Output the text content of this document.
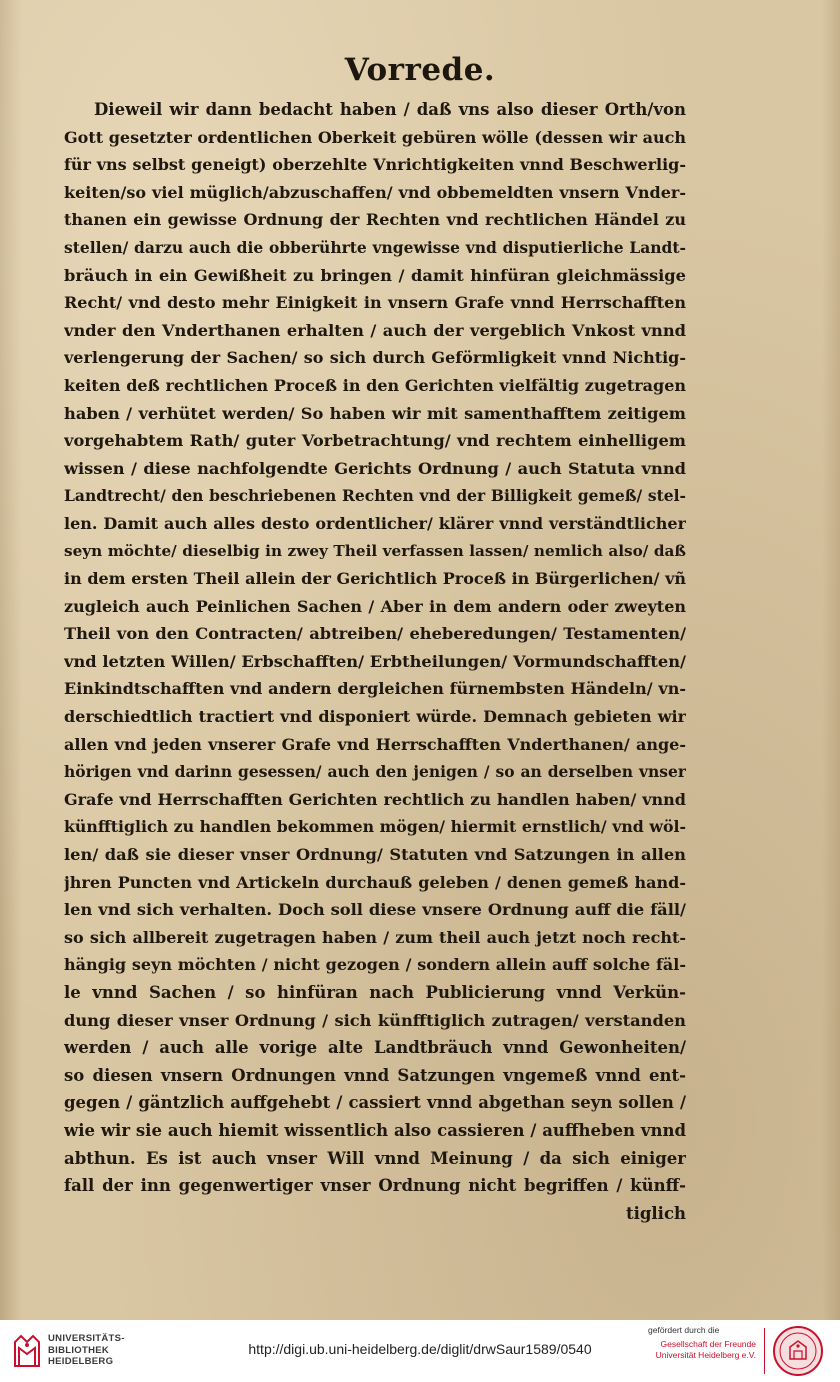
Vorrede.
Dieweil wir dann bedacht haben / daß vns also dieser Orth/von
Gott gesetzter ordentlichen Oberkeit gebüren wölle (dessen wir auch
für vns selbst geneigt) oberzehlte Vnrichtigkeiten vnnd Beschwerlig-
keiten/so viel müglich/abzuschaffen/ vnd obbemeldten vnsern Vnder-
thanen ein gewisse Ordnung der Rechten vnd rechtlichen Händel zu
stellen/ darzu auch die obberührte vngewisse vnd disputierliche Landt-
bräuch in ein Gewißheit zu bringen / damit hinfüran gleichmässige
Recht/ vnd desto mehr Einigkeit in vnsern Grafe vnnd Herrschafften
vnder den Vnderthanen erhalten / auch der vergeblich Vnkost vnnd
verlengerung der Sachen/ so sich durch Geförmligkeit vnnd Nichtig-
keiten deß rechtlichen Proceß in den Gerichten vielfältig zugetragen
haben / verhütet werden/ So haben wir mit samenthafftem zeitigem
vorgehabtem Rath/ guter Vorbetrachtung/ vnd rechtem einhelligem
wissen / diese nachfolgendte Gerichts Ordnung / auch Statuta vnnd
Landtrecht/ den beschriebenen Rechten vnd der Billigkeit gemeß/ stel-
len. Damit auch alles desto ordentlicher/ klärer vnnd verständtlicher
seyn möchte/ dieselbig in zwey Theil verfassen lassen/ nemlich also/ daß
in dem ersten Theil allein der Gerichtlich Proceß in Bürgerlichen/ vñ
zugleich auch Peinlichen Sachen / Aber in dem andern oder zweyten
Theil von den Contracten/ abtreiben/ eheberedungen/ Testamenten/
vnd letzten Willen/ Erbschafften/ Erbtheilungen/ Vormundschafften/
Einkindtschafften vnd andern dergleichen fürnembsten Händeln/ vn-
derschiedtlich tractiert vnd disponiert würde. Demnach gebieten wir
allen vnd jeden vnserer Grafe vnd Herrschafften Vnderthanen/ ange-
hörigen vnd darinn gesessen/ auch den jenigen / so an derselben vnser
Grafe vnd Herrschafften Gerichten rechtlich zu handlen haben/ vnnd
künfftiglich zu handlen bekommen mögen/ hiermit ernstlich/ vnd wöl-
len/ daß sie dieser vnser Ordnung/ Statuten vnd Satzungen in allen
jhren Puncten vnd Artickeln durchauß geleben / denen gemeß hand-
len vnd sich verhalten. Doch soll diese vnsere Ordnung auff die fäll/
so sich allbereit zugetragen haben / zum theil auch jetzt noch recht-
hängig seyn möchten / nicht gezogen / sondern allein auff solche fäl-
le vnnd Sachen / so hinfüran nach Publicierung vnnd Verkün-
dung dieser vnser Ordnung / sich künfftiglich zutragen/ verstanden
werden / auch alle vorige alte Landtbräuch vnnd Gewonheiten/
so diesen vnsern Ordnungen vnnd Satzungen vngemeß vnnd ent-
gegen / gäntzlich auffgehebt / cassiert vnnd abgethan seyn sollen /
wie wir sie auch hiemit wissentlich also cassieren / auffheben vnnd
abthun. Es ist auch vnser Will vnnd Meinung / da sich einiger
fall der inn gegenwertiger vnser Ordnung nicht begriffen / künff-
tiglich
UNIVERSITÄTS-
BIBLIOTHEK
HEIDELBERG
http://digi.ub.uni-heidelberg.de/diglit/drwSaur1589/0540
gefördert durch die
Gesellschaft der Freunde
Universität Heidelberg e.V.
